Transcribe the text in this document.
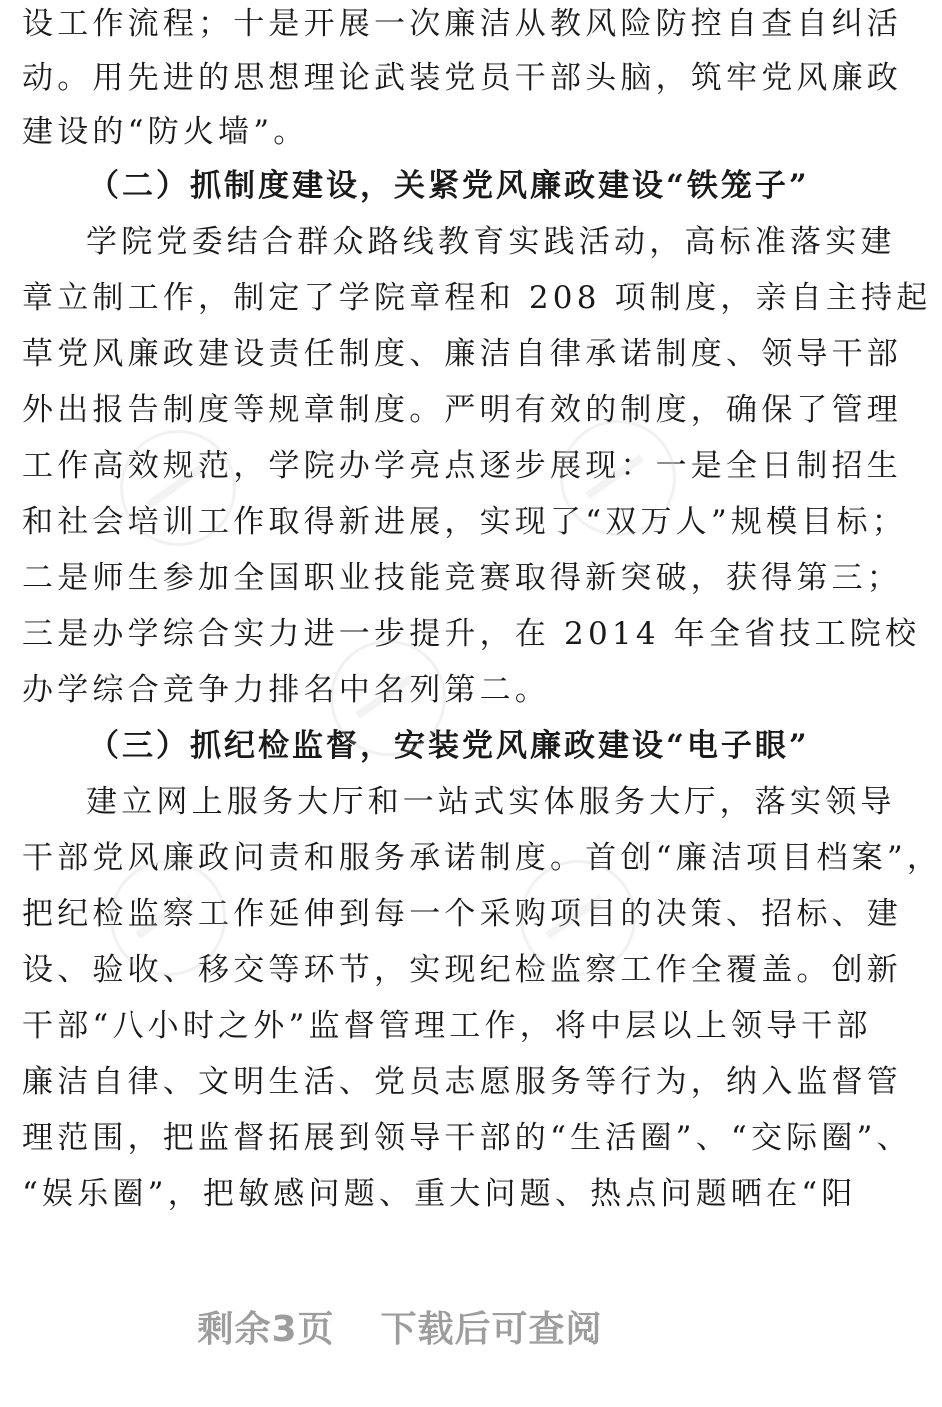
设工作流程；十是开展一次廉洁从教风险防控自查自纠活
动。用先进的思想理论武装党员干部头脑，筑牢党风廉政
建设的“防火墙”。
（二）抓制度建设，关紧党风廉政建设“铁笼子”
学院党委结合群众路线教育实践活动，高标准落实建
章立制工作，制定了学院章程和 208 项制度，亲自主持起
草党风廉政建设责任制度、廉洁自律承诺制度、领导干部
外出报告制度等规章制度。严明有效的制度，确保了管理
工作高效规范，学院办学亮点逐步展现：一是全日制招生
和社会培训工作取得新进展，实现了“双万人”规模目标；
二是师生参加全国职业技能竞赛取得新突破，获得第三；
三是办学综合实力进一步提升，在 2014 年全省技工院校
办学综合竞争力排名中名列第二。
（三）抓纪检监督，安装党风廉政建设“电子眼”
建立网上服务大厅和一站式实体服务大厅，落实领导
干部党风廉政问责和服务承诺制度。首创“廉洁项目档案”，
把纪检监察工作延伸到每一个采购项目的决策、招标、建
设、验收、移交等环节，实现纪检监察工作全覆盖。创新
干部“八小时之外”监督管理工作，将中层以上领导干部
廉洁自律、文明生活、党员志愿服务等行为，纳入监督管
理范围，把监督拓展到领导干部的“生活圈”、“交际圈”、
“娱乐圈”，把敏感问题、重大问题、热点问题晒在“阳
剩余3页 下载后可查阅
